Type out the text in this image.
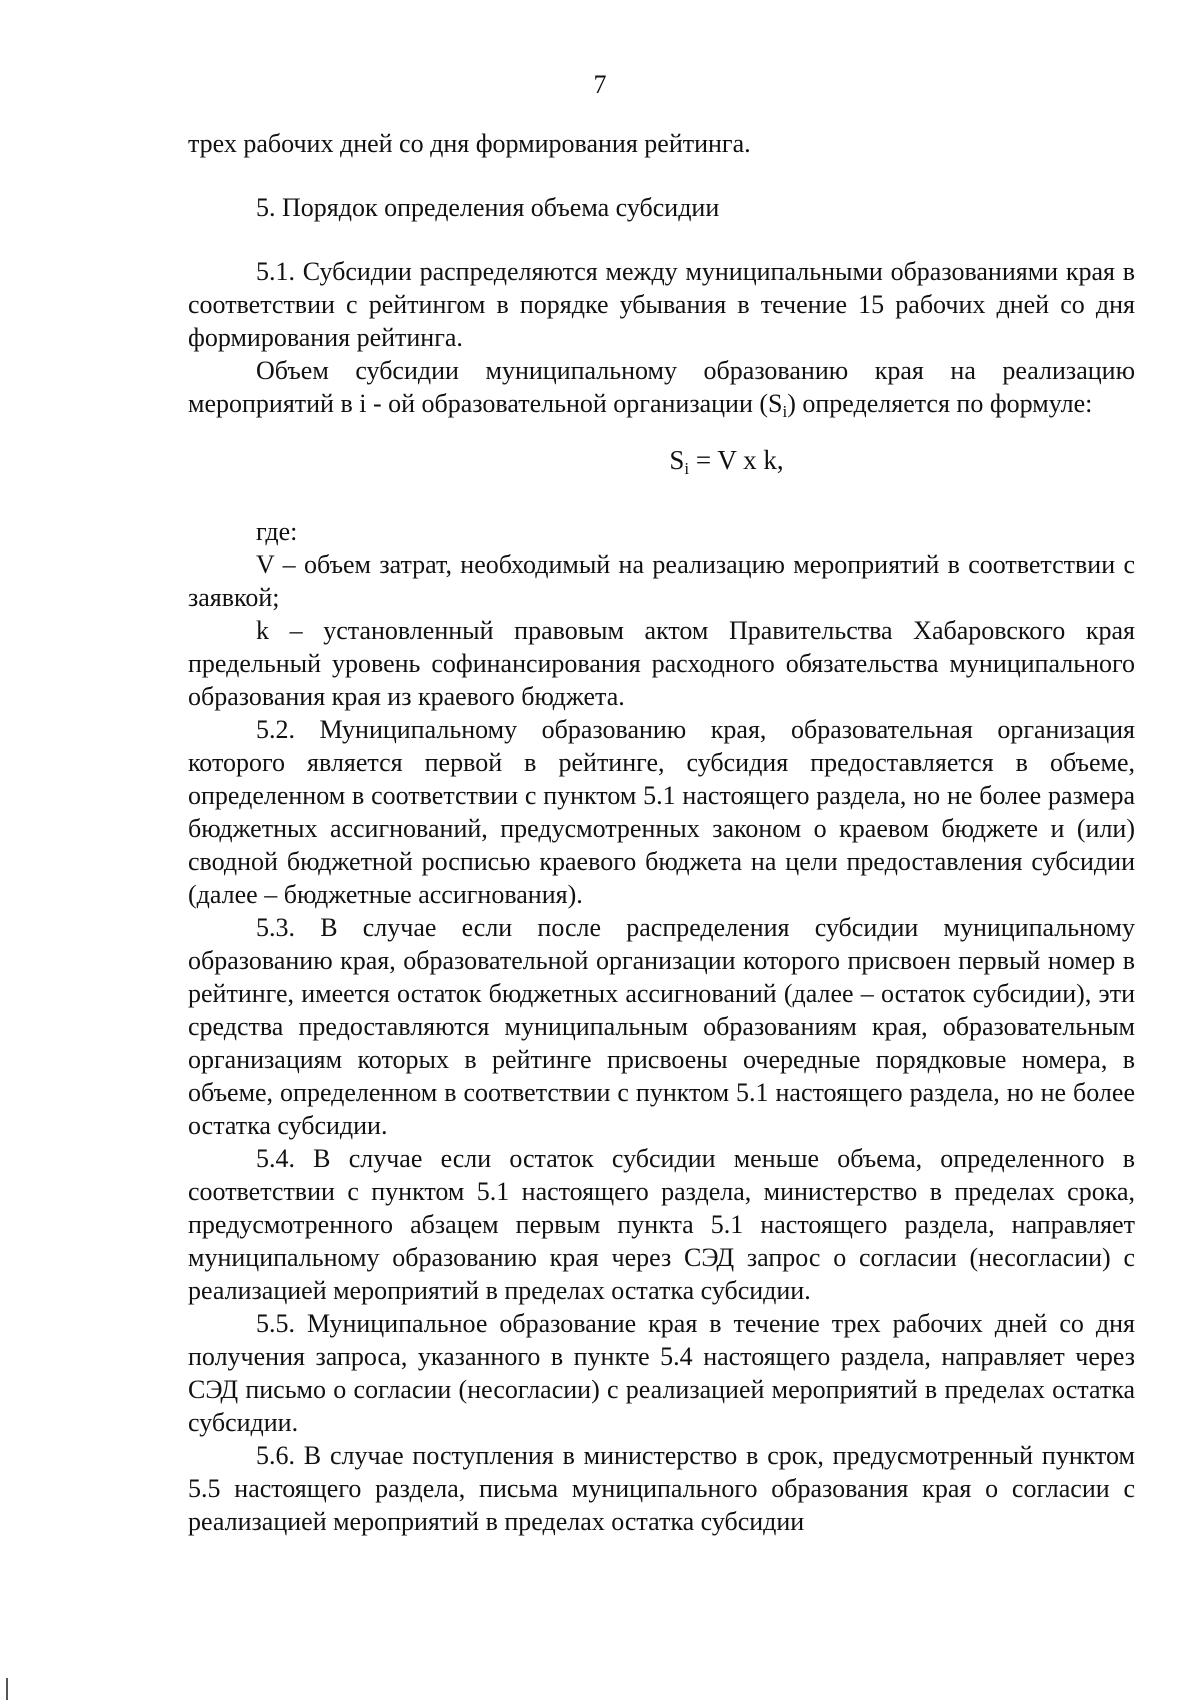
7

трех рабочих дней со дня формирования рейтинга.

5. Порядок определения объема субсидии

5.1. Субсидии распределяются между муниципальными образованиями края в соответствии с рейтингом в порядке убывания в течение 15 рабочих дней со дня формирования рейтинга.

Объем субсидии муниципальному образованию края на реализацию мероприятий в i - ой образовательной организации $(S_i)$ определяется по формуле:

$S_i = V$ x k,

где:

V – объем затрат, необходимый на реализацию мероприятий в соответствии с заявкой;

k – установленный правовым актом Правительства Хабаровского края предельный уровень софинансирования расходного обязательства муниципального образования края из краевого бюджета.

5.2. Муниципальному образованию края, образовательная организация которого является первой в рейтинге, субсидия предоставляется в объеме, определенном в соответствии с пунктом 5.1 настоящего раздела, но не более размера бюджетных ассигнований, предусмотренных законом о краевом бюджете и (или) сводной бюджетной росписью краевого бюджета на цели предоставления субсидии (далее – бюджетные ассигнования).

5.3. В случае если после распределения субсидии муниципальному образованию края, образовательной организации которого присвоен первый номер в рейтинге, имеется остаток бюджетных ассигнований (далее – остаток субсидии), эти средства предоставляются муниципальным образованиям края, образовательным организациям которых в рейтинге присвоены очередные порядковые номера, в объеме, определенном в соответствии с пунктом 5.1 настоящего раздела, но не более остатка субсидии.

5.4. В случае если остаток субсидии меньше объема, определенного в соответствии с пунктом 5.1 настоящего раздела, министерство в пределах срока, предусмотренного абзацем первым пункта 5.1 настоящего раздела, направляет муниципальному образованию края через СЭД запрос о согласии (несогласии) с реализацией мероприятий в пределах остатка субсидии.

5.5. Муниципальное образование края в течение трех рабочих дней со дня получения запроса, указанного в пункте 5.4 настоящего раздела, направляет через СЭД письмо о согласии (несогласии) с реализацией мероприятий в пределах остатка субсидии.

5.6. В случае поступления в министерство в срок, предусмотренный пунктом 5.5 настоящего раздела, письма муниципального образования края о согласии с реализацией мероприятий в пределах остатка субсидии
